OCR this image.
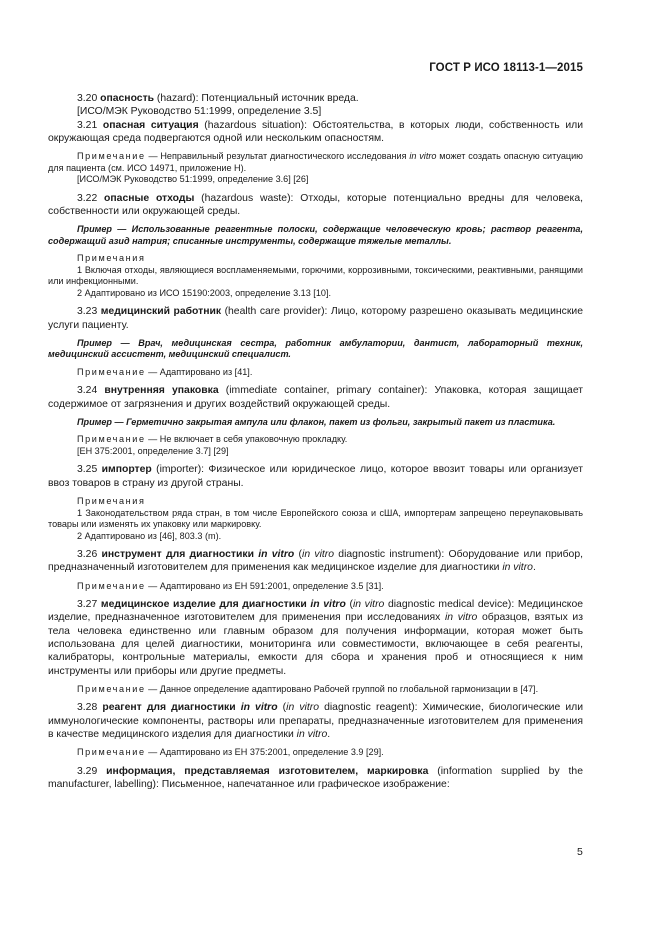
ГОСТ Р ИСО 18113-1—2015

3.20 опасность (hazard): Потенциальный источник вреда.

[ИСО/МЭК Руководство 51:1999, определение 3.5]

3.21 опасная ситуация (hazardous situation): Обстоятельства, в которых люди, собственность или окружающая среда подвергаются одной или нескольким опасностям.

Примечание — Неправильный результат диагностического исследования in vitro может создать опасную ситуацию для пациента (см. ИСО 14971, приложение Н).

[ИСО/МЭК Руководство 51:1999, определение 3.6] [26]

3.22 опасные отходы (hazardous waste): Отходы, которые потенциально вредны для человека, собственности или окружающей среды.

Пример — Использованные реагентные полоски, содержащие человеческую кровь; раствор реагента, содержащий азид натрия; списанные инструменты, содержащие тяжелые металлы.

Примечания

1 Включая отходы, являющиеся воспламеняемыми, горючими, коррозивными, токсическими, реактивными, ранящими или инфекционными.

2 Адаптировано из ИСО 15190:2003, определение 3.13 [10].

3.23 медицинский работник (health care provider): Лицо, которому разрешено оказывать медицинские услуги пациенту.

Пример — Врач, медицинская сестра, работник амбулатории, дантист, лабораторный техник, медицинский ассистент, медицинский специалист.

Примечание — Адаптировано из [41].

3.24 внутренняя упаковка (immediate container, primary container): Упаковка, которая защищает содержимое от загрязнения и других воздействий окружающей среды.

Пример — Герметично закрытая ампула или флакон, пакет из фольги, закрытый пакет из пластика.

Примечание — Не включает в себя упаковочную прокладку.

[ЕН 375:2001, определение 3.7] [29]

3.25 импортер (importer): Физическое или юридическое лицо, которое ввозит товары или организует ввоз товаров в страну из другой страны.

Примечания

1 Законодательством ряда стран, в том числе Европейского союза и сША, импортерам запрещено переупаковывать товары или изменять их упаковку или маркировку.

2 Адаптировано из [46], 803.3 (m).

3.26 инструмент для диагностики in vitro (in vitro diagnostic instrument): Оборудование или прибор, предназначенный изготовителем для применения как медицинское изделие для диагностики in vitro.

Примечание — Адаптировано из ЕН 591:2001, определение 3.5 [31].

3.27 медицинское изделие для диагностики in vitro (in vitro diagnostic medical device): Медицинское изделие, предназначенное изготовителем для применения при исследованиях in vitro образцов, взятых из тела человека единственно или главным образом для получения информации, которая может быть использована для целей диагностики, мониторинга или совместимости, включающее в себя реагенты, калибраторы, контрольные материалы, емкости для сбора и хранения проб и относящиеся к ним инструменты или приборы или другие предметы.

Примечание — Данное определение адаптировано Рабочей группой по глобальной гармонизации в [47].

3.28 реагент для диагностики in vitro (in vitro diagnostic reagent): Химические, биологические или иммунологические компоненты, растворы или препараты, предназначенные изготовителем для применения в качестве медицинского изделия для диагностики in vitro.

Примечание — Адаптировано из ЕН 375:2001, определение 3.9 [29].

3.29 информация, представляемая изготовителем, маркировка (information supplied by the manufacturer, labelling): Письменное, напечатанное или графическое изображение:

5
